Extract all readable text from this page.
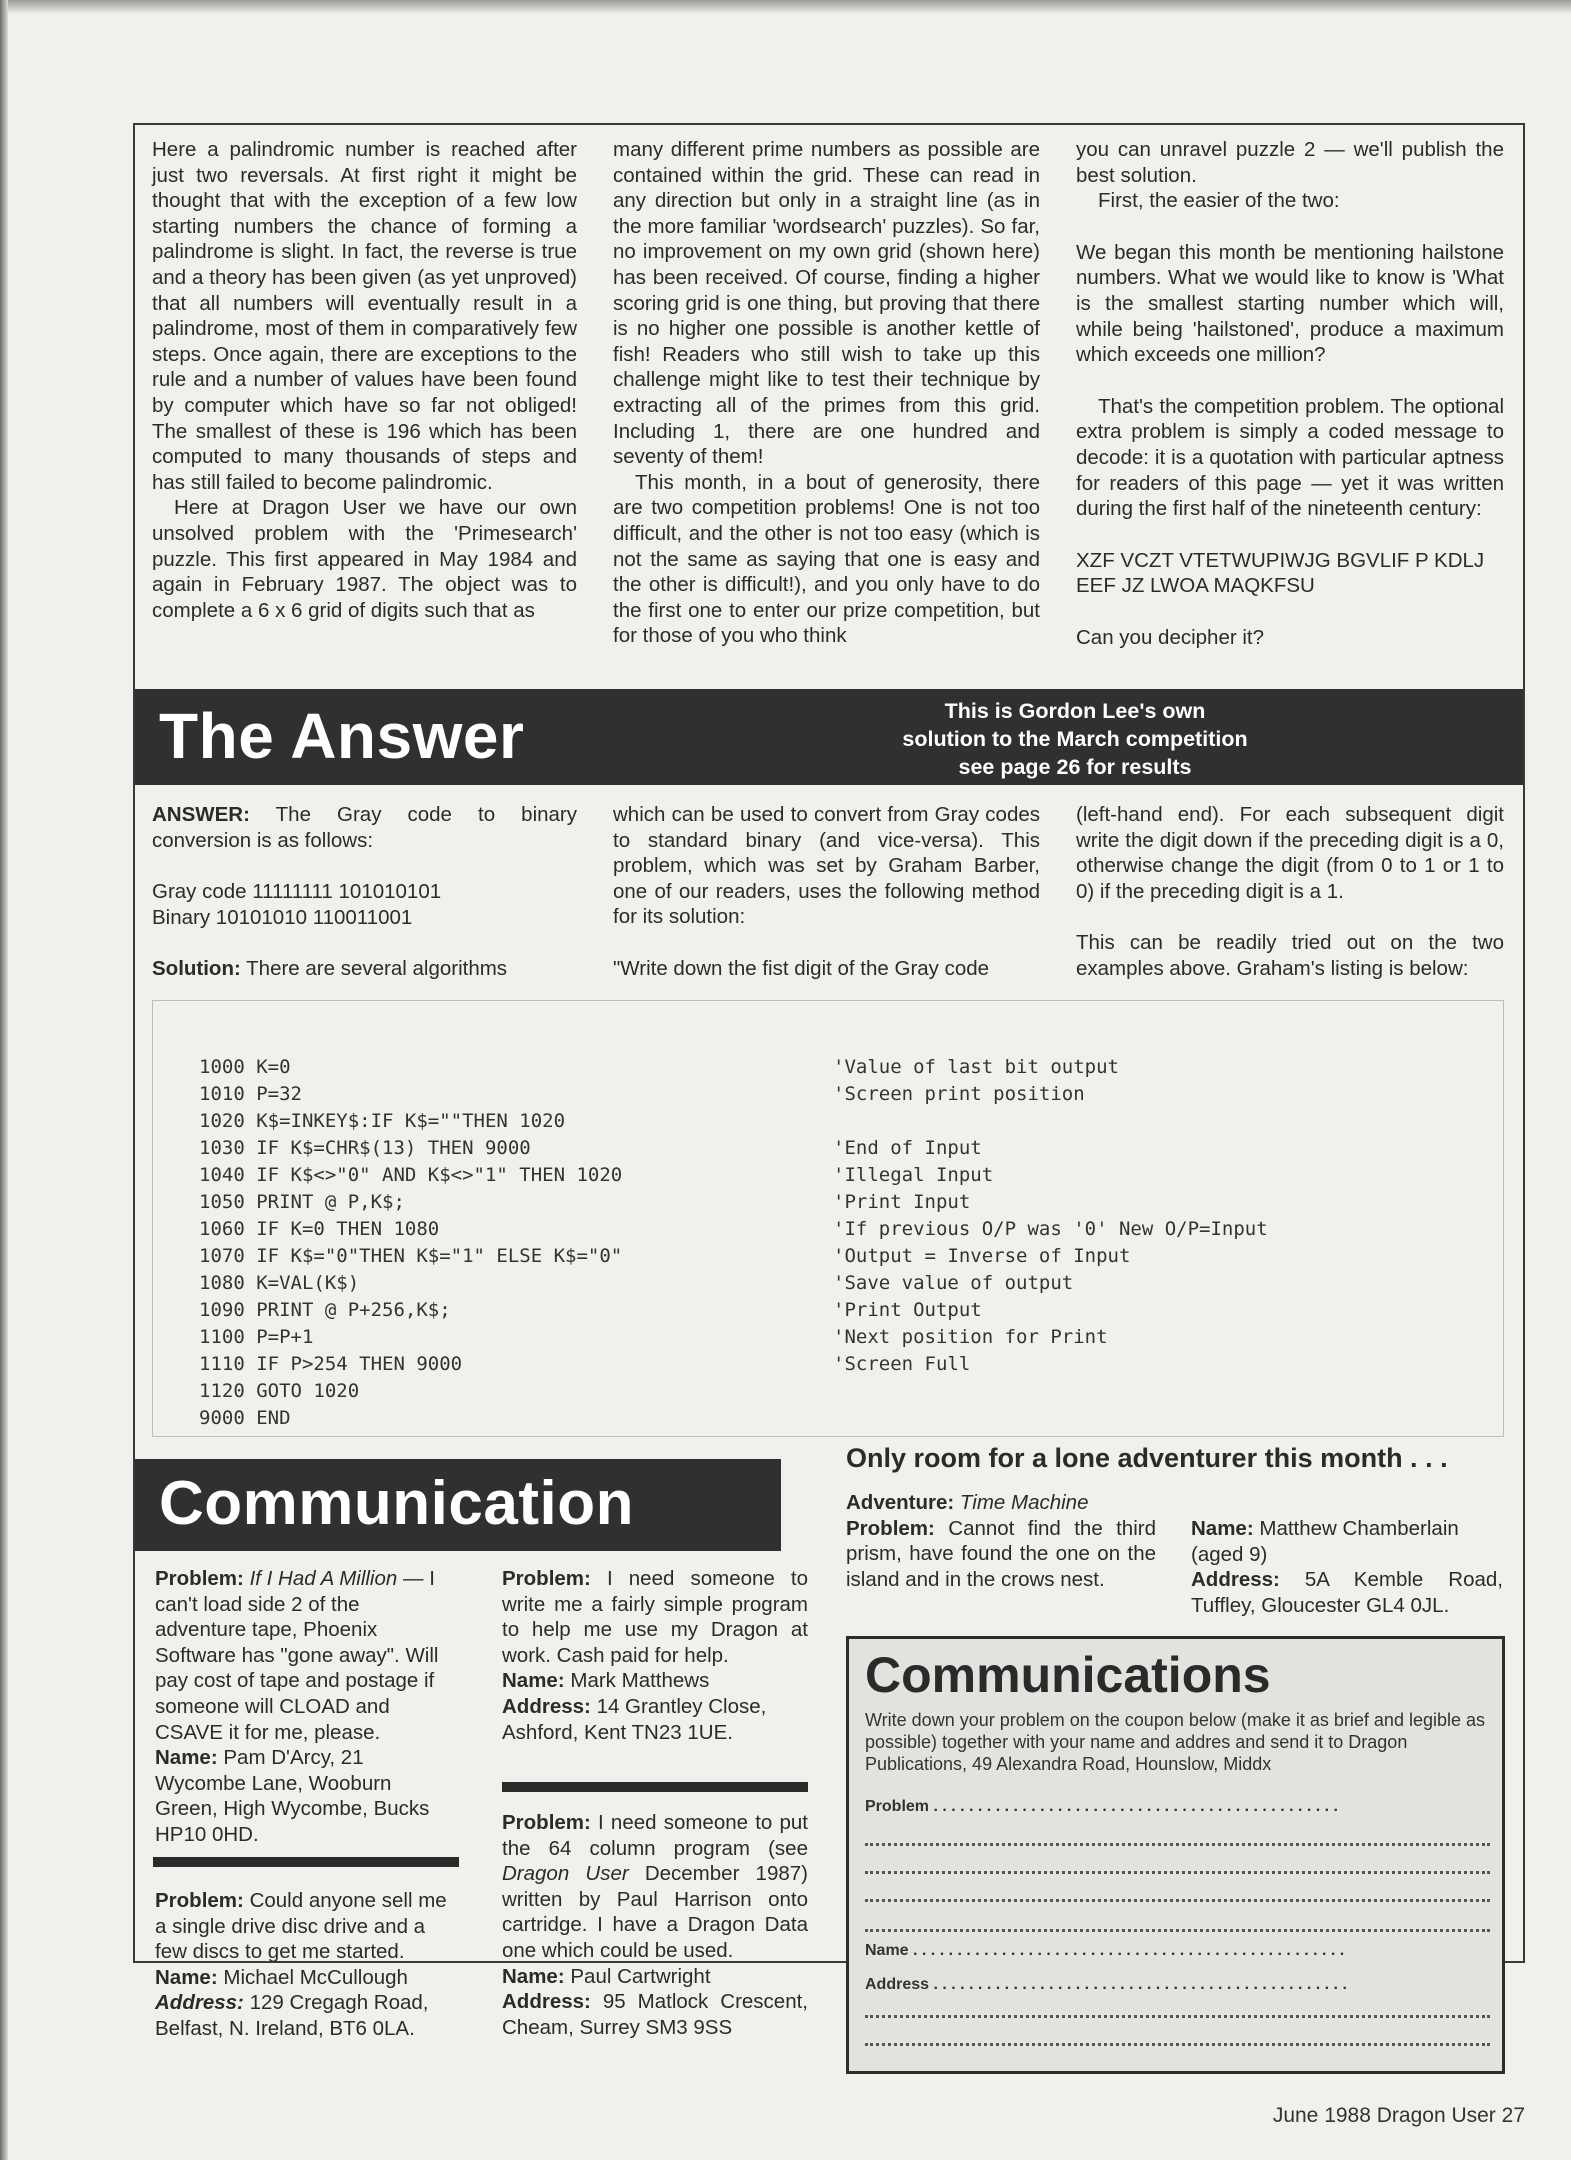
Here a palindromic number is reached after just two reversals. At first right it might be thought that with the exception of a few low starting numbers the chance of forming a palindrome is slight. In fact, the reverse is true and a theory has been given (as yet unproved) that all numbers will eventually result in a palindrome, most of them in comparatively few steps. Once again, there are exceptions to the rule and a number of values have been found by computer which have so far not obliged! The smallest of these is 196 which has been computed to many thousands of steps and has still failed to become palindromic.

Here at Dragon User we have our own unsolved problem with the 'Primesearch' puzzle. This first appeared in May 1984 and again in February 1987. The object was to complete a 6 x 6 grid of digits such that as

many different prime numbers as possible are contained within the grid. These can read in any direction but only in a straight line (as in the more familiar 'wordsearch' puzzles). So far, no improvement on my own grid (shown here) has been received. Of course, finding a higher scoring grid is one thing, but proving that there is no higher one possible is another kettle of fish! Readers who still wish to take up this challenge might like to test their technique by extracting all of the primes from this grid. Including 1, there are one hundred and seventy of them!

This month, in a bout of generosity, there are two competition problems! One is not too difficult, and the other is not too easy (which is not the same as saying that one is easy and the other is difficult!), and you only have to do the first one to enter our prize competition, but for those of you who think

you can unravel puzzle 2 — we'll publish the best solution.

First, the easier of the two:

We began this month be mentioning hailstone numbers. What we would like to know is 'What is the smallest starting number which will, while being 'hailstoned', produce a maximum which exceeds one million?

That's the competition problem. The optional extra problem is simply a coded message to decode: it is a quotation with particular aptness for readers of this page — yet it was written during the first half of the nineteenth century:

XZF VCZT VTETWUPIWJG BGVLIF P KDLJ EEF JZ LWOA MAQKFSU

Can you decipher it?

The Answer	This is Gordon Lee's own
solution to the March competition
see page 26 for results

ANSWER: The Gray code to binary conversion is as follows:

Gray code 11111111 101010101

Binary 10101010 110011001

Solution: There are several algorithms

which can be used to convert from Gray codes to standard binary (and vice-versa). This problem, which was set by Graham Barber, one of our readers, uses the following method for its solution:

"Write down the fist digit of the Gray code

(left-hand end). For each subsequent digit write the digit down if the preceding digit is a 0, otherwise change the digit (from 0 to 1 or 1 to 0) if the preceding digit is a 1.

This can be readily tried out on the two examples above. Graham's listing is below:

1000 K=0
1010 P=32
1020 K$=INKEY$:IF K$=""THEN 1020
1030 IF K$=CHR$(13) THEN 9000
1040 IF K$<>"0" AND K$<>"1" THEN 1020
1050 PRINT @ P,K$;
1060 IF K=0 THEN 1080
1070 IF K$="0"THEN K$="1" ELSE K$="0"
1080 K=VAL(K$)
1090 PRINT @ P+256,K$;
1100 P=P+1
1110 IF P>254 THEN 9000
1120 GOTO 1020
9000 END

'Value of last bit output
'Screen print position
'End of Input
'Illegal Input
'Print Input
'If previous O/P was '0' New O/P=Input
'Output = Inverse of Input
'Save value of output
'Print Output
'Next position for Print
'Screen Full

Communication

Problem: If I Had A Million — I can't load side 2 of the adventure tape, Phoenix Software has "gone away". Will pay cost of tape and postage if someone will CLOAD and CSAVE it for me, please.

Name: Pam D'Arcy, 21 Wycombe Lane, Wooburn Green, High Wycombe, Bucks HP10 0HD.

Problem: Could anyone sell me a single drive disc drive and a few discs to get me started.

Name: Michael McCullough

Address: 129 Cregagh Road, Belfast, N. Ireland, BT6 0LA.

Problem: I need someone to write me a fairly simple program to help me use my Dragon at work. Cash paid for help.

Name: Mark Matthews

Address: 14 Grantley Close, Ashford, Kent TN23 1UE.

Problem: I need someone to put the 64 column program (see Dragon User December 1987) written by Paul Harrison onto cartridge. I have a Dragon Data one which could be used.

Name: Paul Cartwright

Address: 95 Matlock Crescent, Cheam, Surrey SM3 9SS

Only room for a lone adventurer this month . . .

Adventure: Time Machine

Problem: Cannot find the third prism, have found the one on the island and in the crows nest.

Name: Matthew Chamberlain (aged 9)

Address: 5A Kemble Road, Tuffley, Gloucester GL4 0JL.

Communications
Write down your problem on the coupon below (make it as brief and legible as possible) together with your name and addres and send it to Dragon Publications, 49 Alexandra Road, Hounslow, Middx
Problem . . . . . . . . . . . . . . . . . . . . . . . . . . . . . . . . . . . . . . . . . . . . . .
Name . . . . . . . . . . . . . . . . . . . . . . . . . . . . . . . . . . . . . . . . . . . . . . . . .
Address . . . . . . . . . . . . . . . . . . . . . . . . . . . . . . . . . . . . . . . . . . . . . . .
June 1988 Dragon User 27
